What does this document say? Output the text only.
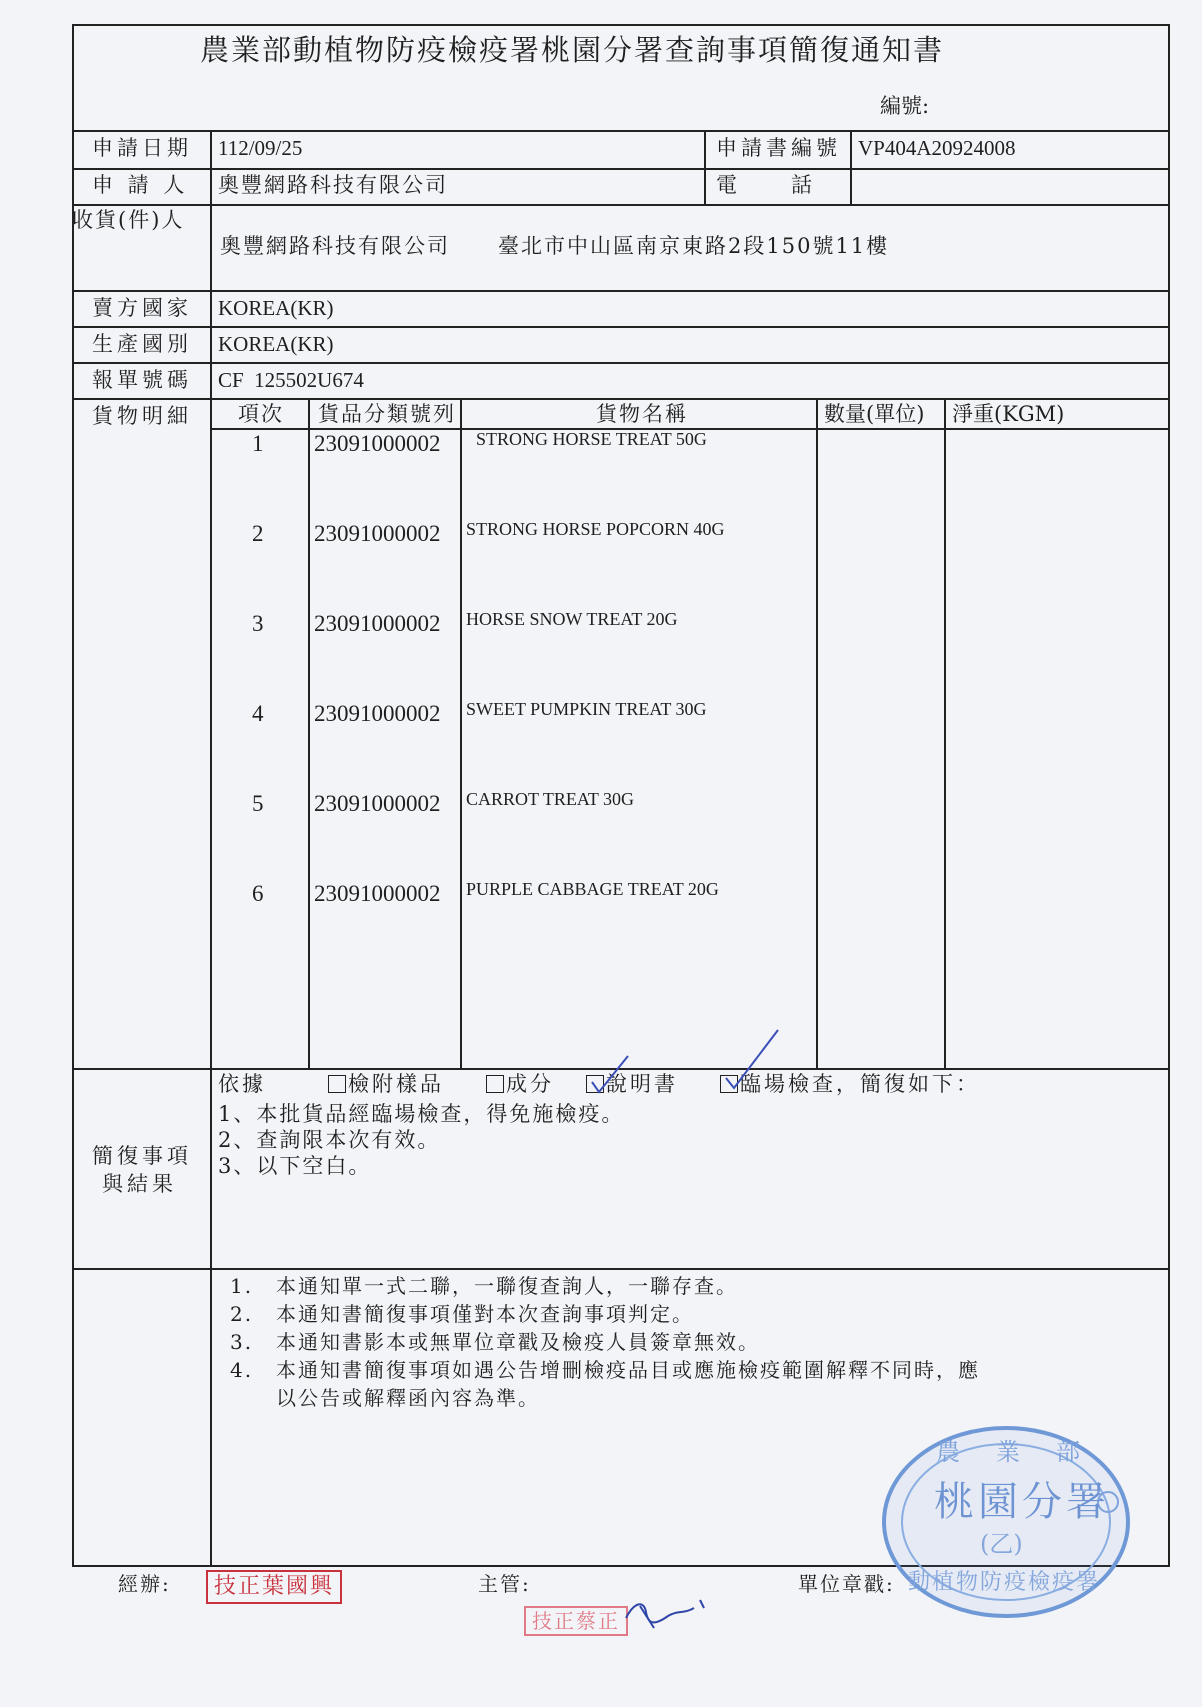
農業部動植物防疫檢疫署桃園分署查詢事項簡復通知書
編號:
申請日期 112/09/25	申請書編號 VP404A20924008
申 請 人 奧豐網路科技有限公司	電　　話
收貨(件)人
奧豐網路科技有限公司 臺北市中山區南京東路2段150號11樓
賣方國家 KOREA(KR)
生產國別 KOREA(KR)
報單號碼 CF  125502U674
貨物明細 項次 貨品分類號列	貨物名稱	數量(單位) 淨重(KGM)
1 23091000002 STRONG HORSE TREAT 50G
2 23091000002 STRONG HORSE POPCORN 40G
3 23091000002 HORSE SNOW TREAT 20G
4 23091000002 SWEET PUMPKIN TREAT 30G
5 23091000002 CARROT TREAT 30G
6 23091000002 PURPLE CABBAGE TREAT 20G
簡復事項
與結果
依據	檢附樣品	成分	說明書	臨場檢查，簡復如下：
1、本批貨品經臨場檢查，得免施檢疫。
2、查詢限本次有效。
3、以下空白。
1. 本通知單一式二聯，一聯復查詢人，一聯存查。
2. 本通知書簡復事項僅對本次查詢事項判定。
3. 本通知書影本或無單位章戳及檢疫人員簽章無效。
4. 本通知書簡復事項如遇公告增刪檢疫品目或應施檢疫範圍解釋不同時，應
以公告或解釋函內容為準。
經辦:	技正葉國興	主管:
技正蔡正
單位章戳:
農　業　部
桃園分署
(乙)
動植物防疫檢疫署
